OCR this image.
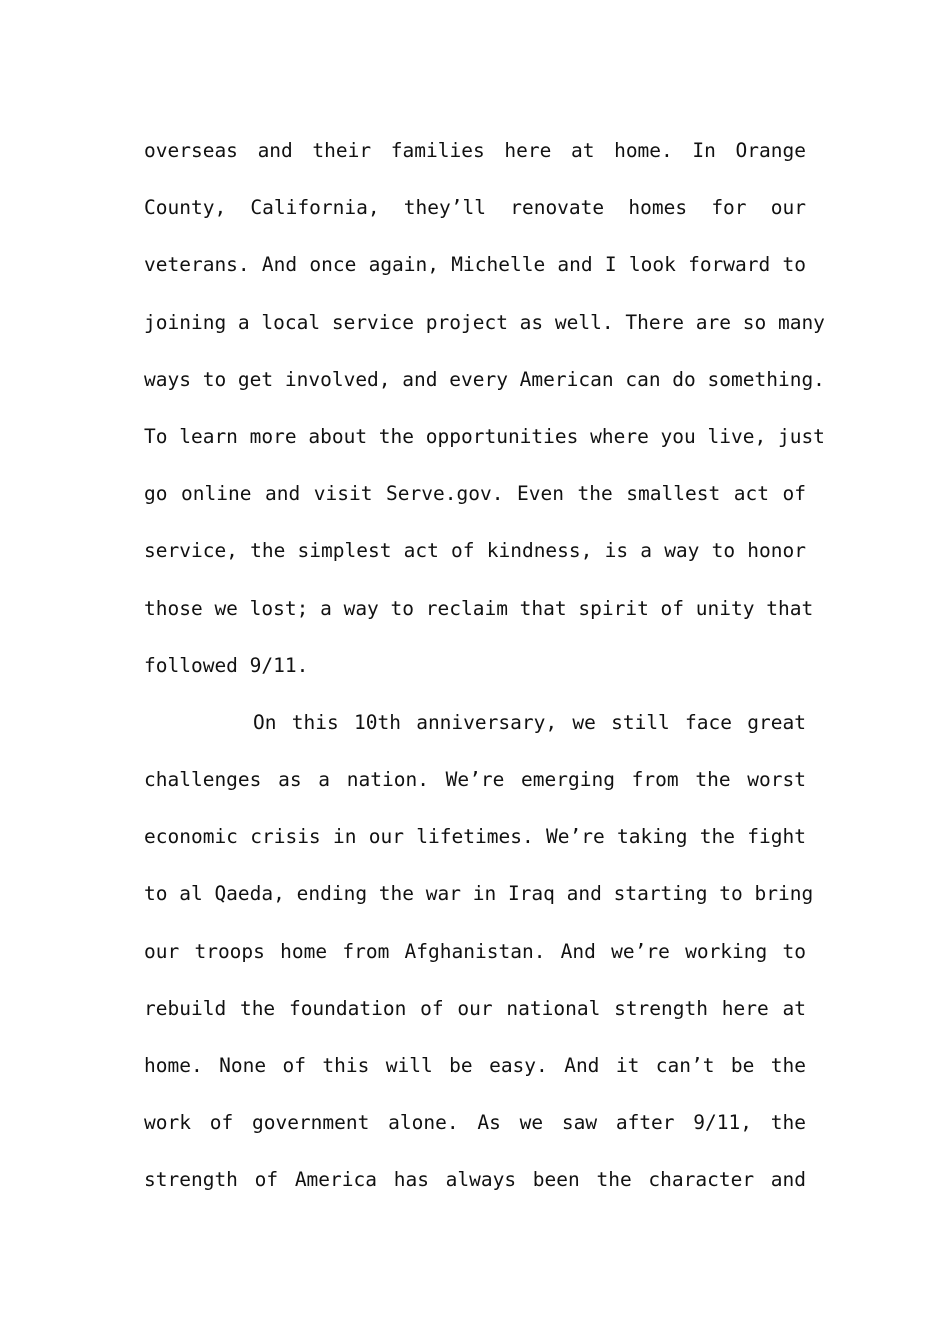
overseas and their families here at home. In Orange
County, California, they’ll renovate homes for our
veterans. And once again, Michelle and I look forward to
joining a local service project as well. There are so many
ways to get involved, and every American can do something.
To learn more about the opportunities where you live, just
go online and visit Serve.gov. Even the smallest act of
service, the simplest act of kindness, is a way to honor
those we lost; a way to reclaim that spirit of unity that
followed 9/11.
On this 10th anniversary, we still face great
challenges as a nation. We’re emerging from the worst
economic crisis in our lifetimes. We’re taking the fight
to al Qaeda, ending the war in Iraq and starting to bring
our troops home from Afghanistan. And we’re working to
rebuild the foundation of our national strength here at
home. None of this will be easy. And it can’t be the
work of government alone. As we saw after 9/11, the
strength of America has always been the character and
